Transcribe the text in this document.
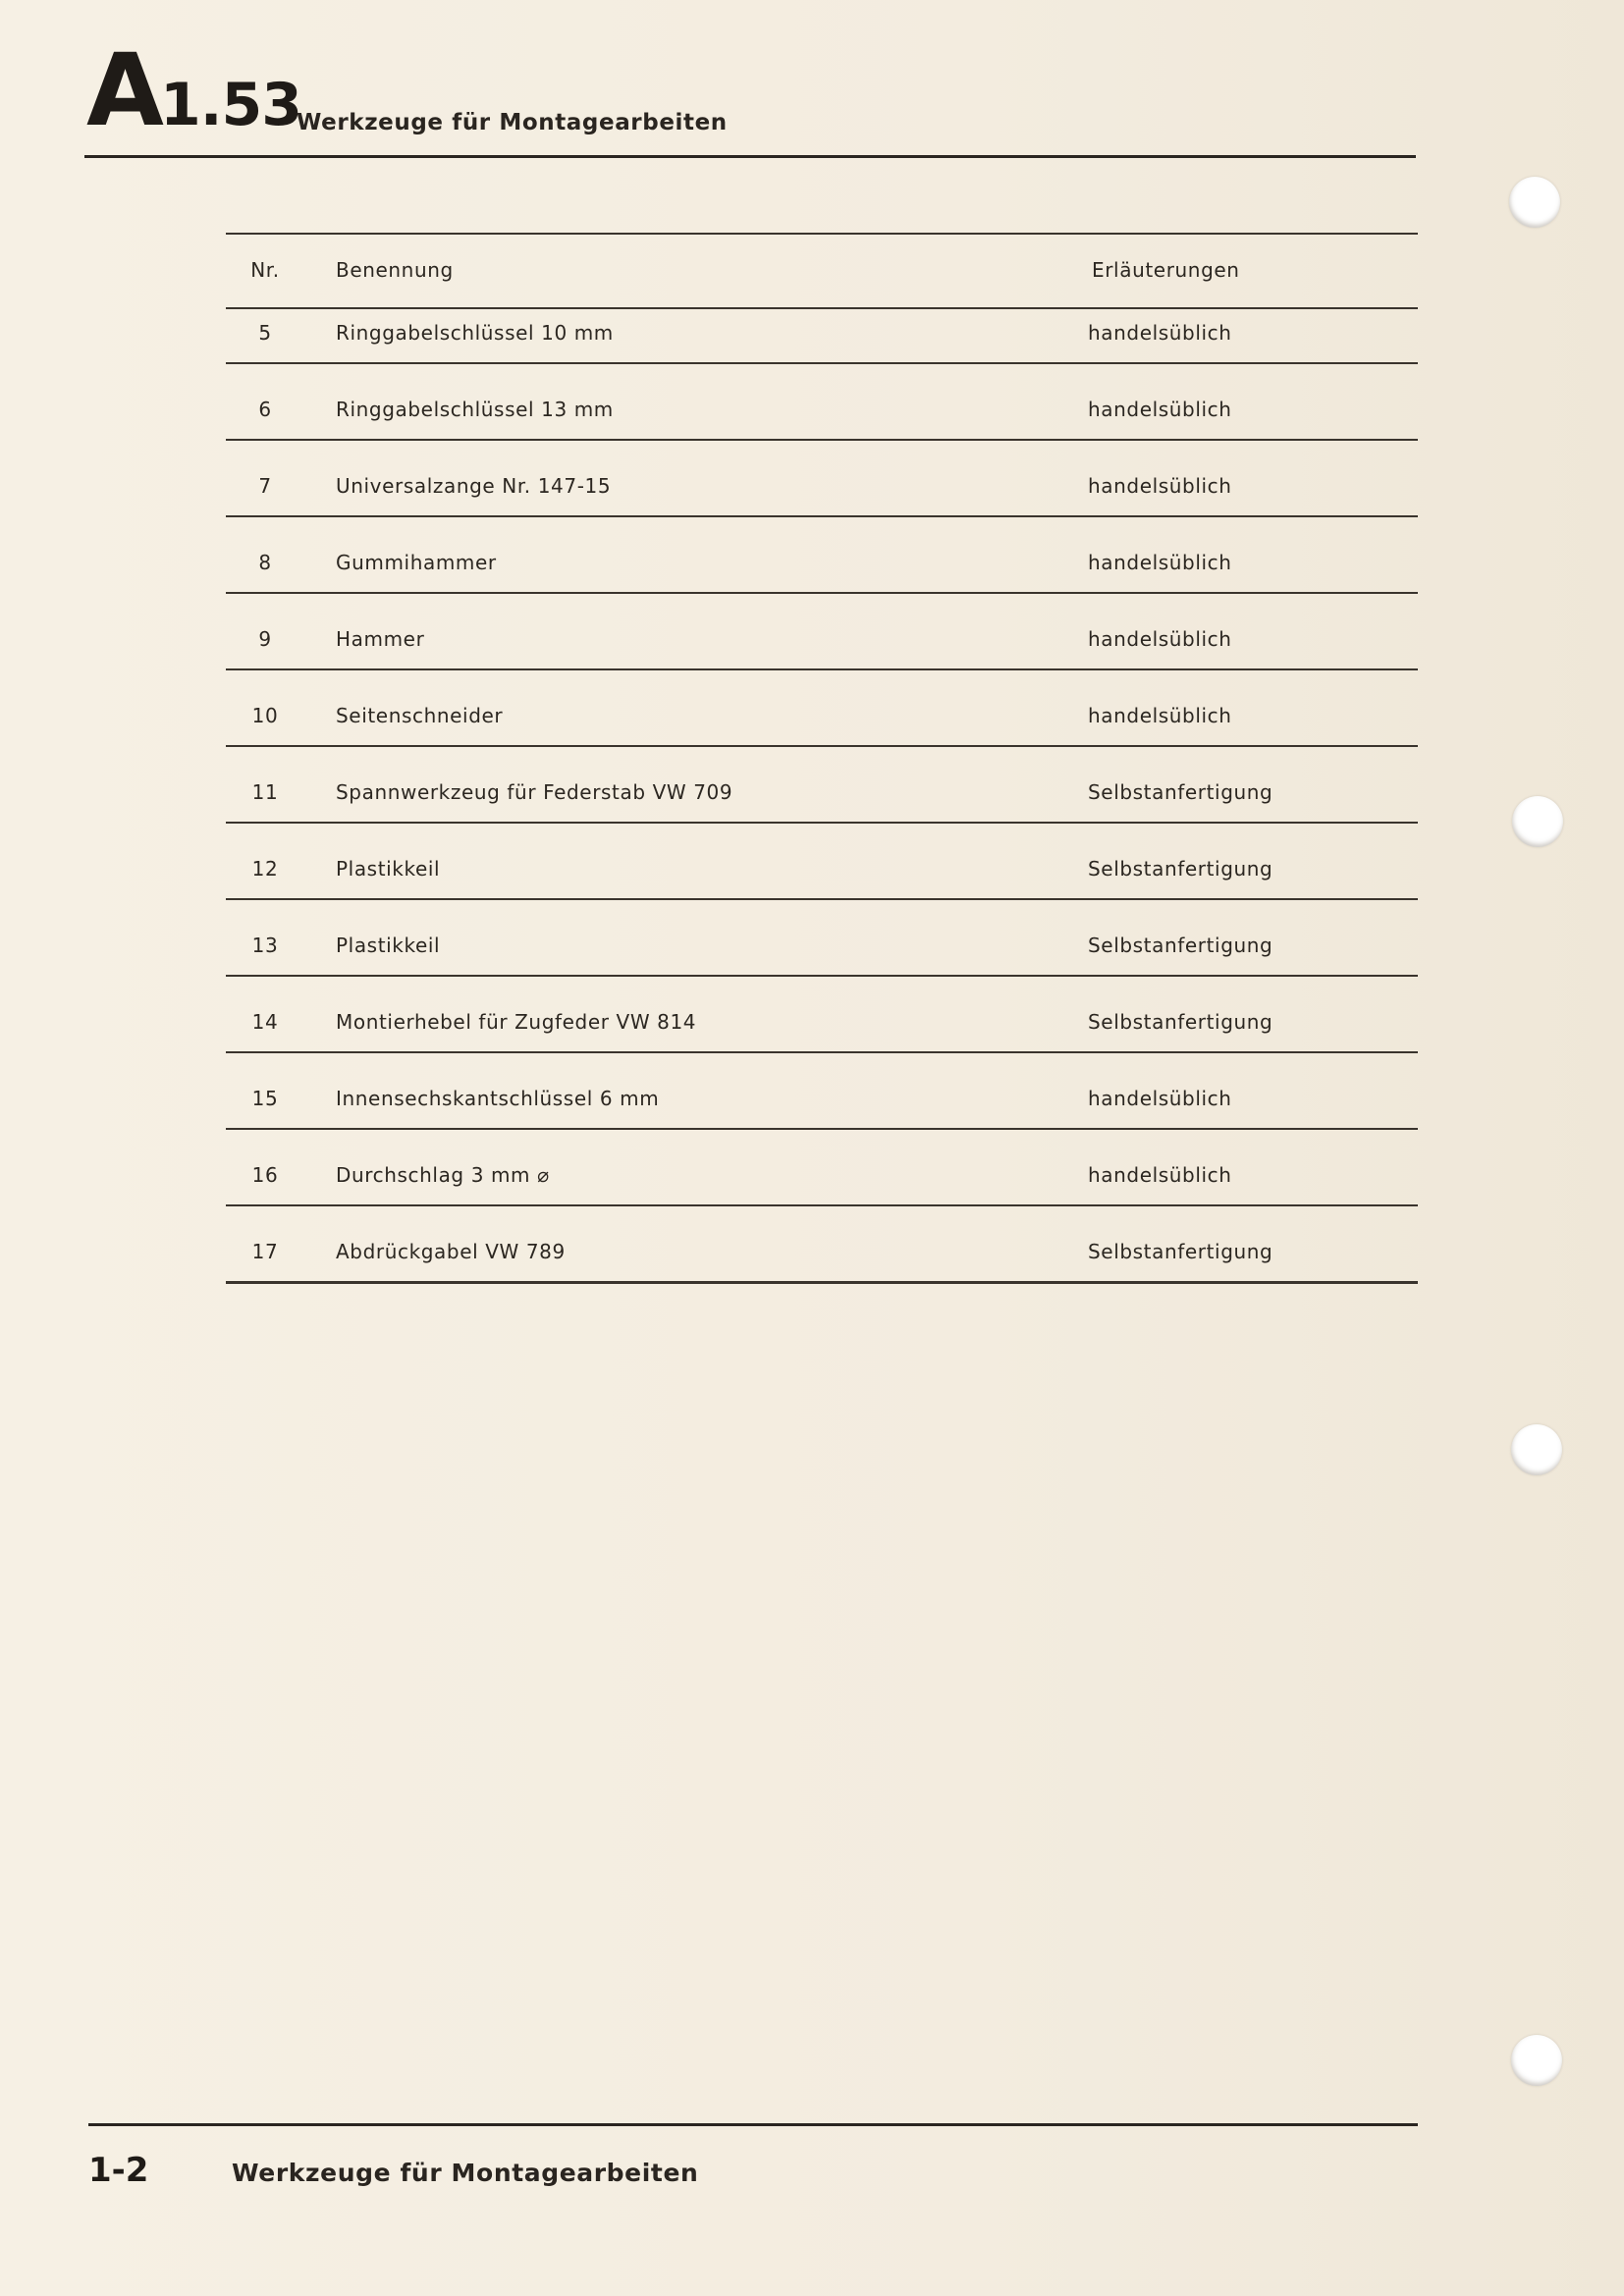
A1.53
Werkzeuge für Montagearbeiten
Nr.	Benennung	Erläuterungen
5	Ringgabelschlüssel 10 mm	handelsüblich
6	Ringgabelschlüssel 13 mm	handelsüblich
7	Universalzange Nr. 147-15	handelsüblich
8	Gummihammer	handelsüblich
9	Hammer	handelsüblich
10	Seitenschneider	handelsüblich
11	Spannwerkzeug für Federstab VW 709	Selbstanfertigung
12	Plastikkeil	Selbstanfertigung
13	Plastikkeil	Selbstanfertigung
14	Montierhebel für Zugfeder VW 814	Selbstanfertigung
15	Innensechskantschlüssel 6 mm	handelsüblich
16	Durchschlag 3 mm ⌀	handelsüblich
17	Abdrückgabel VW 789	Selbstanfertigung
1-2	Werkzeuge für Montagearbeiten
